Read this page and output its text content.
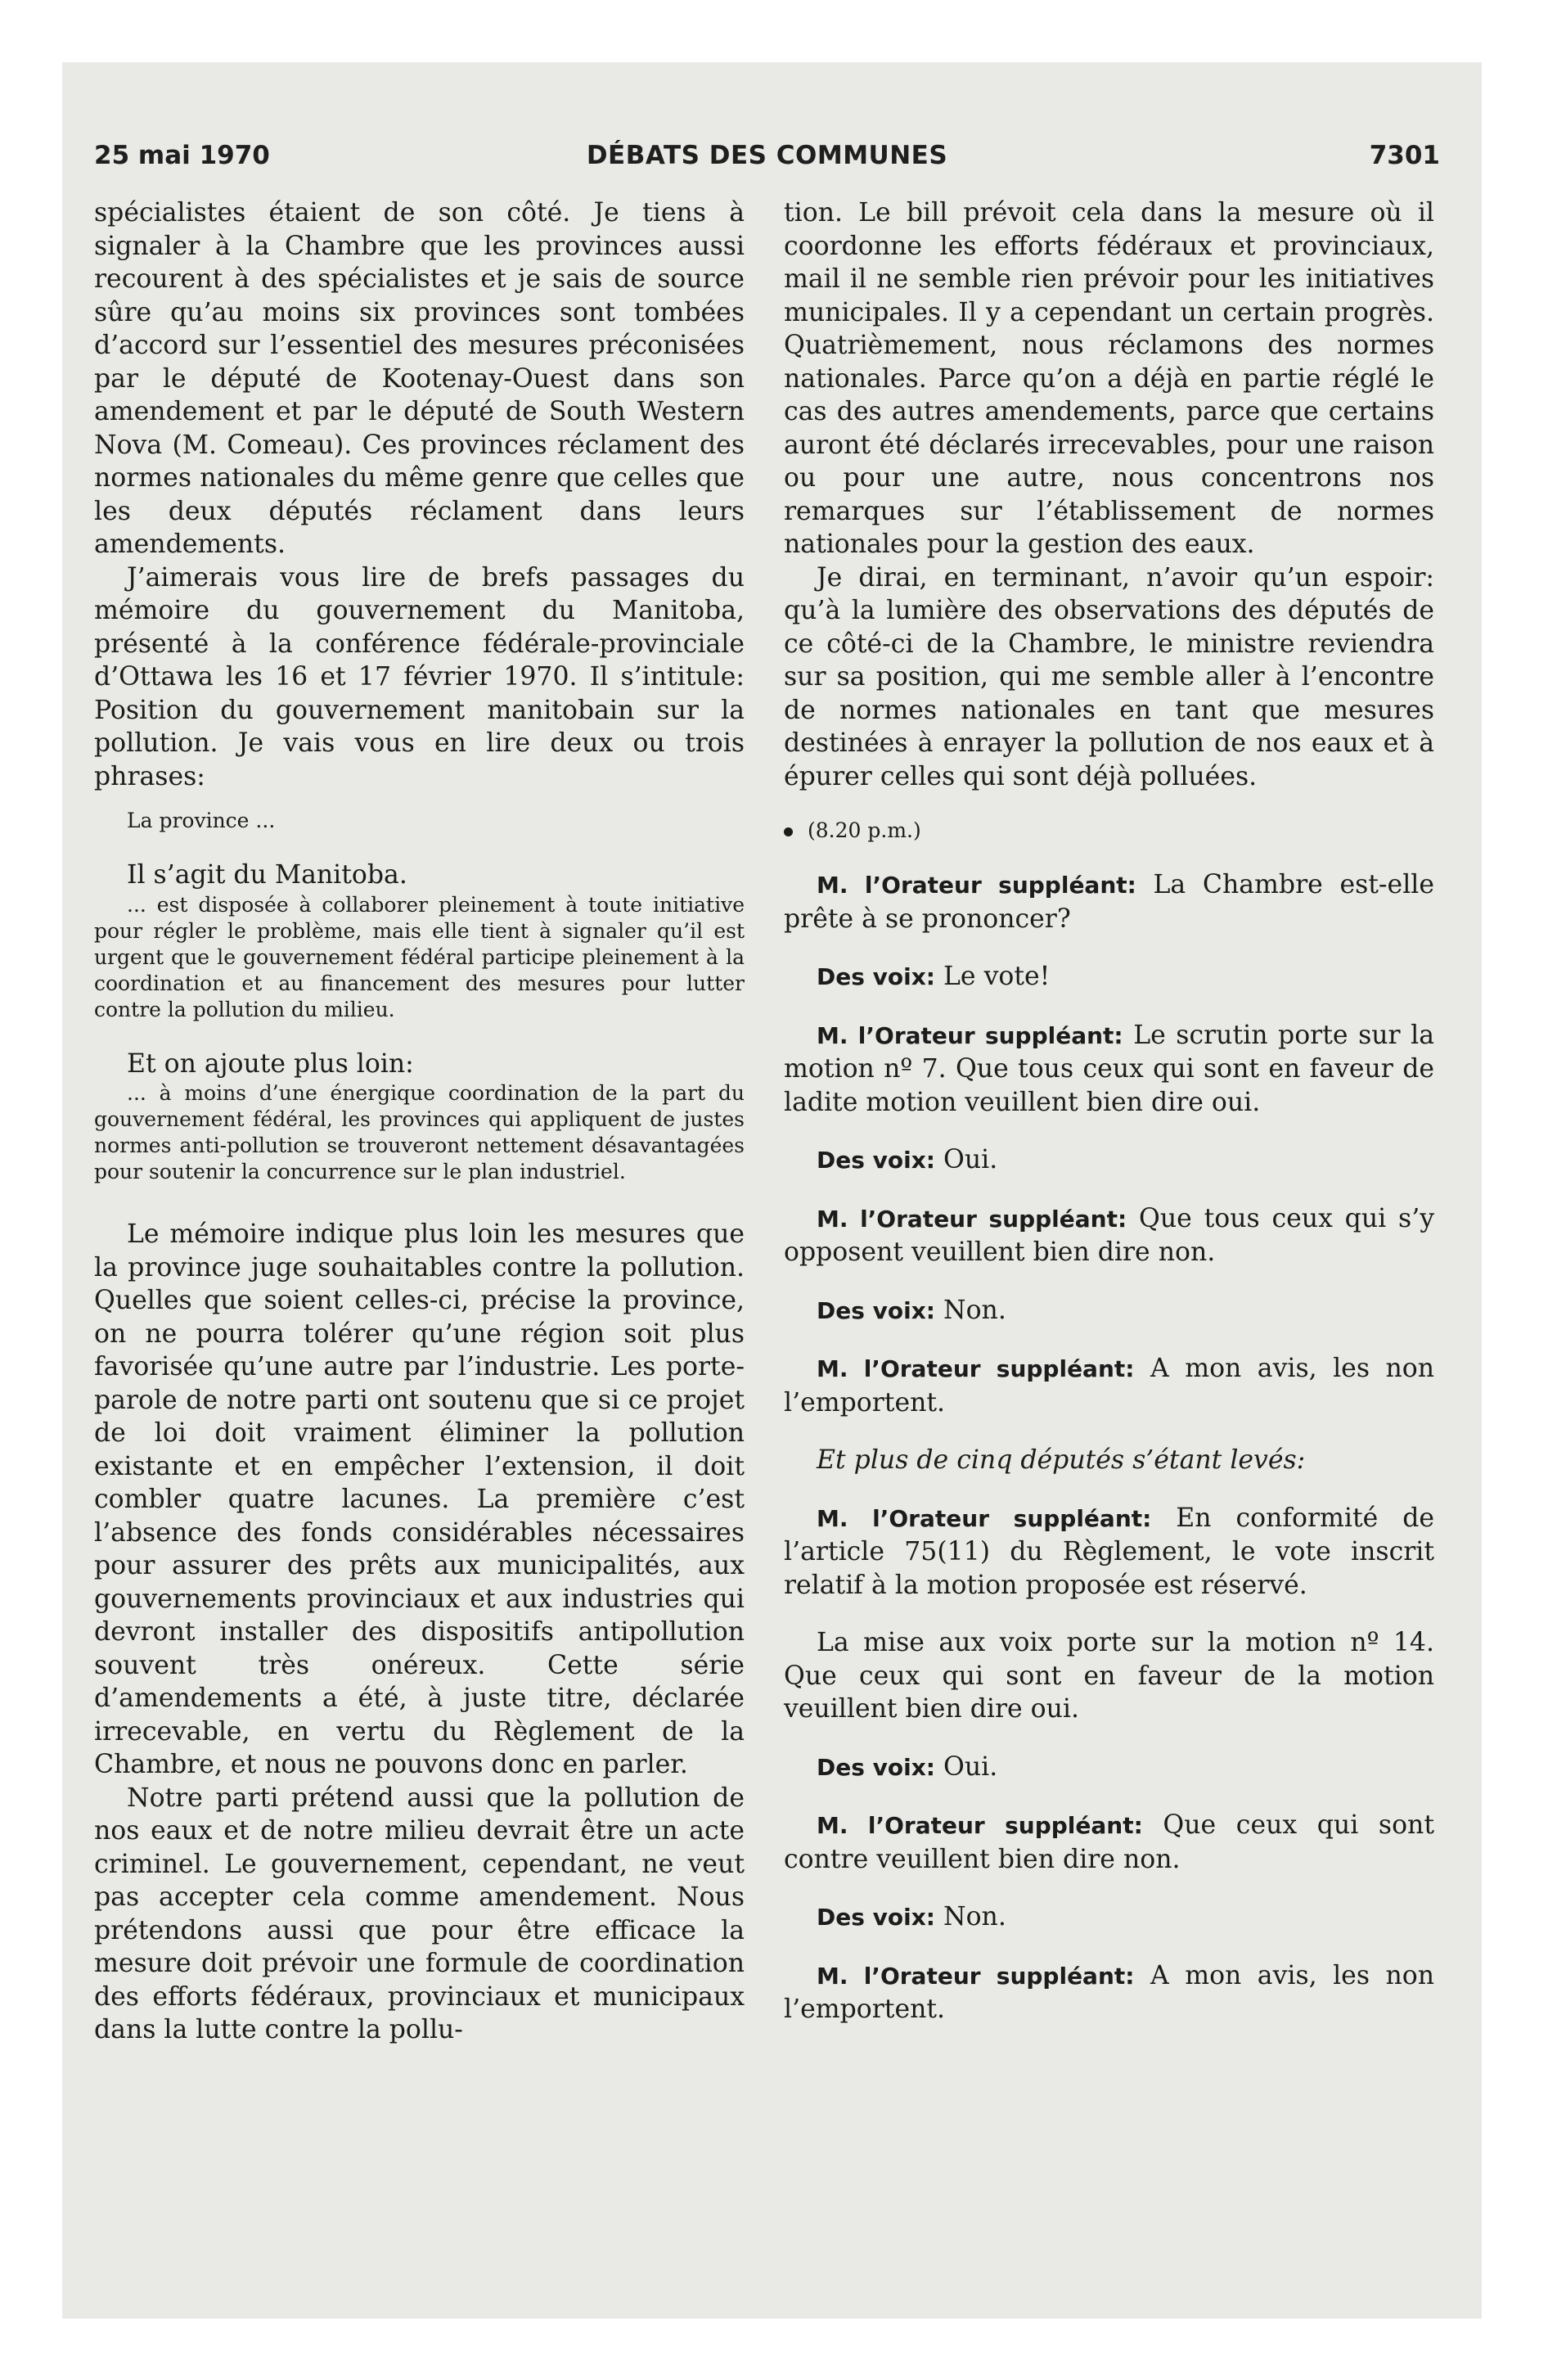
25 mai 1970	DÉBATS DES COMMUNES	7301

spécialistes étaient de son côté. Je tiens à signaler à la Chambre que les provinces aussi recourent à des spécialistes et je sais de source sûre qu’au moins six provinces sont tombées d’accord sur l’essentiel des mesures préconisées par le député de Kootenay-Ouest dans son amendement et par le député de South Western Nova (M. Comeau). Ces provinces réclament des normes nationales du même genre que celles que les deux députés réclament dans leurs amendements.

J’aimerais vous lire de brefs passages du mémoire du gouvernement du Manitoba, présenté à la conférence fédérale-provinciale d’Ottawa les 16 et 17 février 1970. Il s’intitule: Position du gouvernement manitobain sur la pollution. Je vais vous en lire deux ou trois phrases:

La province ...

Il s’agit du Manitoba.

... est disposée à collaborer pleinement à toute initiative pour régler le problème, mais elle tient à signaler qu’il est urgent que le gouvernement fédéral participe pleinement à la coordination et au financement des mesures pour lutter contre la pollution du milieu.

Et on ajoute plus loin:

... à moins d’une énergique coordination de la part du gouvernement fédéral, les provinces qui appliquent de justes normes anti-pollution se trouveront nettement désavantagées pour soutenir la concurrence sur le plan industriel.

Le mémoire indique plus loin les mesures que la province juge souhaitables contre la pollution. Quelles que soient celles-ci, précise la province, on ne pourra tolérer qu’une région soit plus favorisée qu’une autre par l’industrie. Les porte-parole de notre parti ont soutenu que si ce projet de loi doit vraiment éliminer la pollution existante et en empêcher l’extension, il doit combler quatre lacunes. La première c’est l’absence des fonds considérables nécessaires pour assurer des prêts aux municipalités, aux gouvernements provinciaux et aux industries qui devront installer des dispositifs antipollution souvent très onéreux. Cette série d’amendements a été, à juste titre, déclarée irrecevable, en vertu du Règlement de la Chambre, et nous ne pouvons donc en parler.

Notre parti prétend aussi que la pollution de nos eaux et de notre milieu devrait être un acte criminel. Le gouvernement, cependant, ne veut pas accepter cela comme amendement. Nous prétendons aussi que pour être efficace la mesure doit prévoir une formule de coordination des efforts fédéraux, provinciaux et municipaux dans la lutte contre la pollu-

tion. Le bill prévoit cela dans la mesure où il coordonne les efforts fédéraux et provinciaux, mail il ne semble rien prévoir pour les initiatives municipales. Il y a cependant un certain progrès. Quatrièmement, nous réclamons des normes nationales. Parce qu’on a déjà en partie réglé le cas des autres amendements, parce que certains auront été déclarés irrecevables, pour une raison ou pour une autre, nous concentrons nos remarques sur l’établissement de normes nationales pour la gestion des eaux.

Je dirai, en terminant, n’avoir qu’un espoir: qu’à la lumière des observations des députés de ce côté-ci de la Chambre, le ministre reviendra sur sa position, qui me semble aller à l’encontre de normes nationales en tant que mesures destinées à enrayer la pollution de nos eaux et à épurer celles qui sont déjà polluées.

(8.20 p.m.)

M. l’Orateur suppléant: La Chambre est-elle prête à se prononcer?

Des voix: Le vote!

M. l’Orateur suppléant: Le scrutin porte sur la motion nº 7. Que tous ceux qui sont en faveur de ladite motion veuillent bien dire oui.

Des voix: Oui.

M. l’Orateur suppléant: Que tous ceux qui s’y opposent veuillent bien dire non.

Des voix: Non.

M. l’Orateur suppléant: A mon avis, les non l’emportent.

Et plus de cinq députés s’étant levés:

M. l’Orateur suppléant: En conformité de l’article 75(11) du Règlement, le vote inscrit relatif à la motion proposée est réservé.

La mise aux voix porte sur la motion nº 14. Que ceux qui sont en faveur de la motion veuillent bien dire oui.

Des voix: Oui.

M. l’Orateur suppléant: Que ceux qui sont contre veuillent bien dire non.

Des voix: Non.

M. l’Orateur suppléant: A mon avis, les non l’emportent.
